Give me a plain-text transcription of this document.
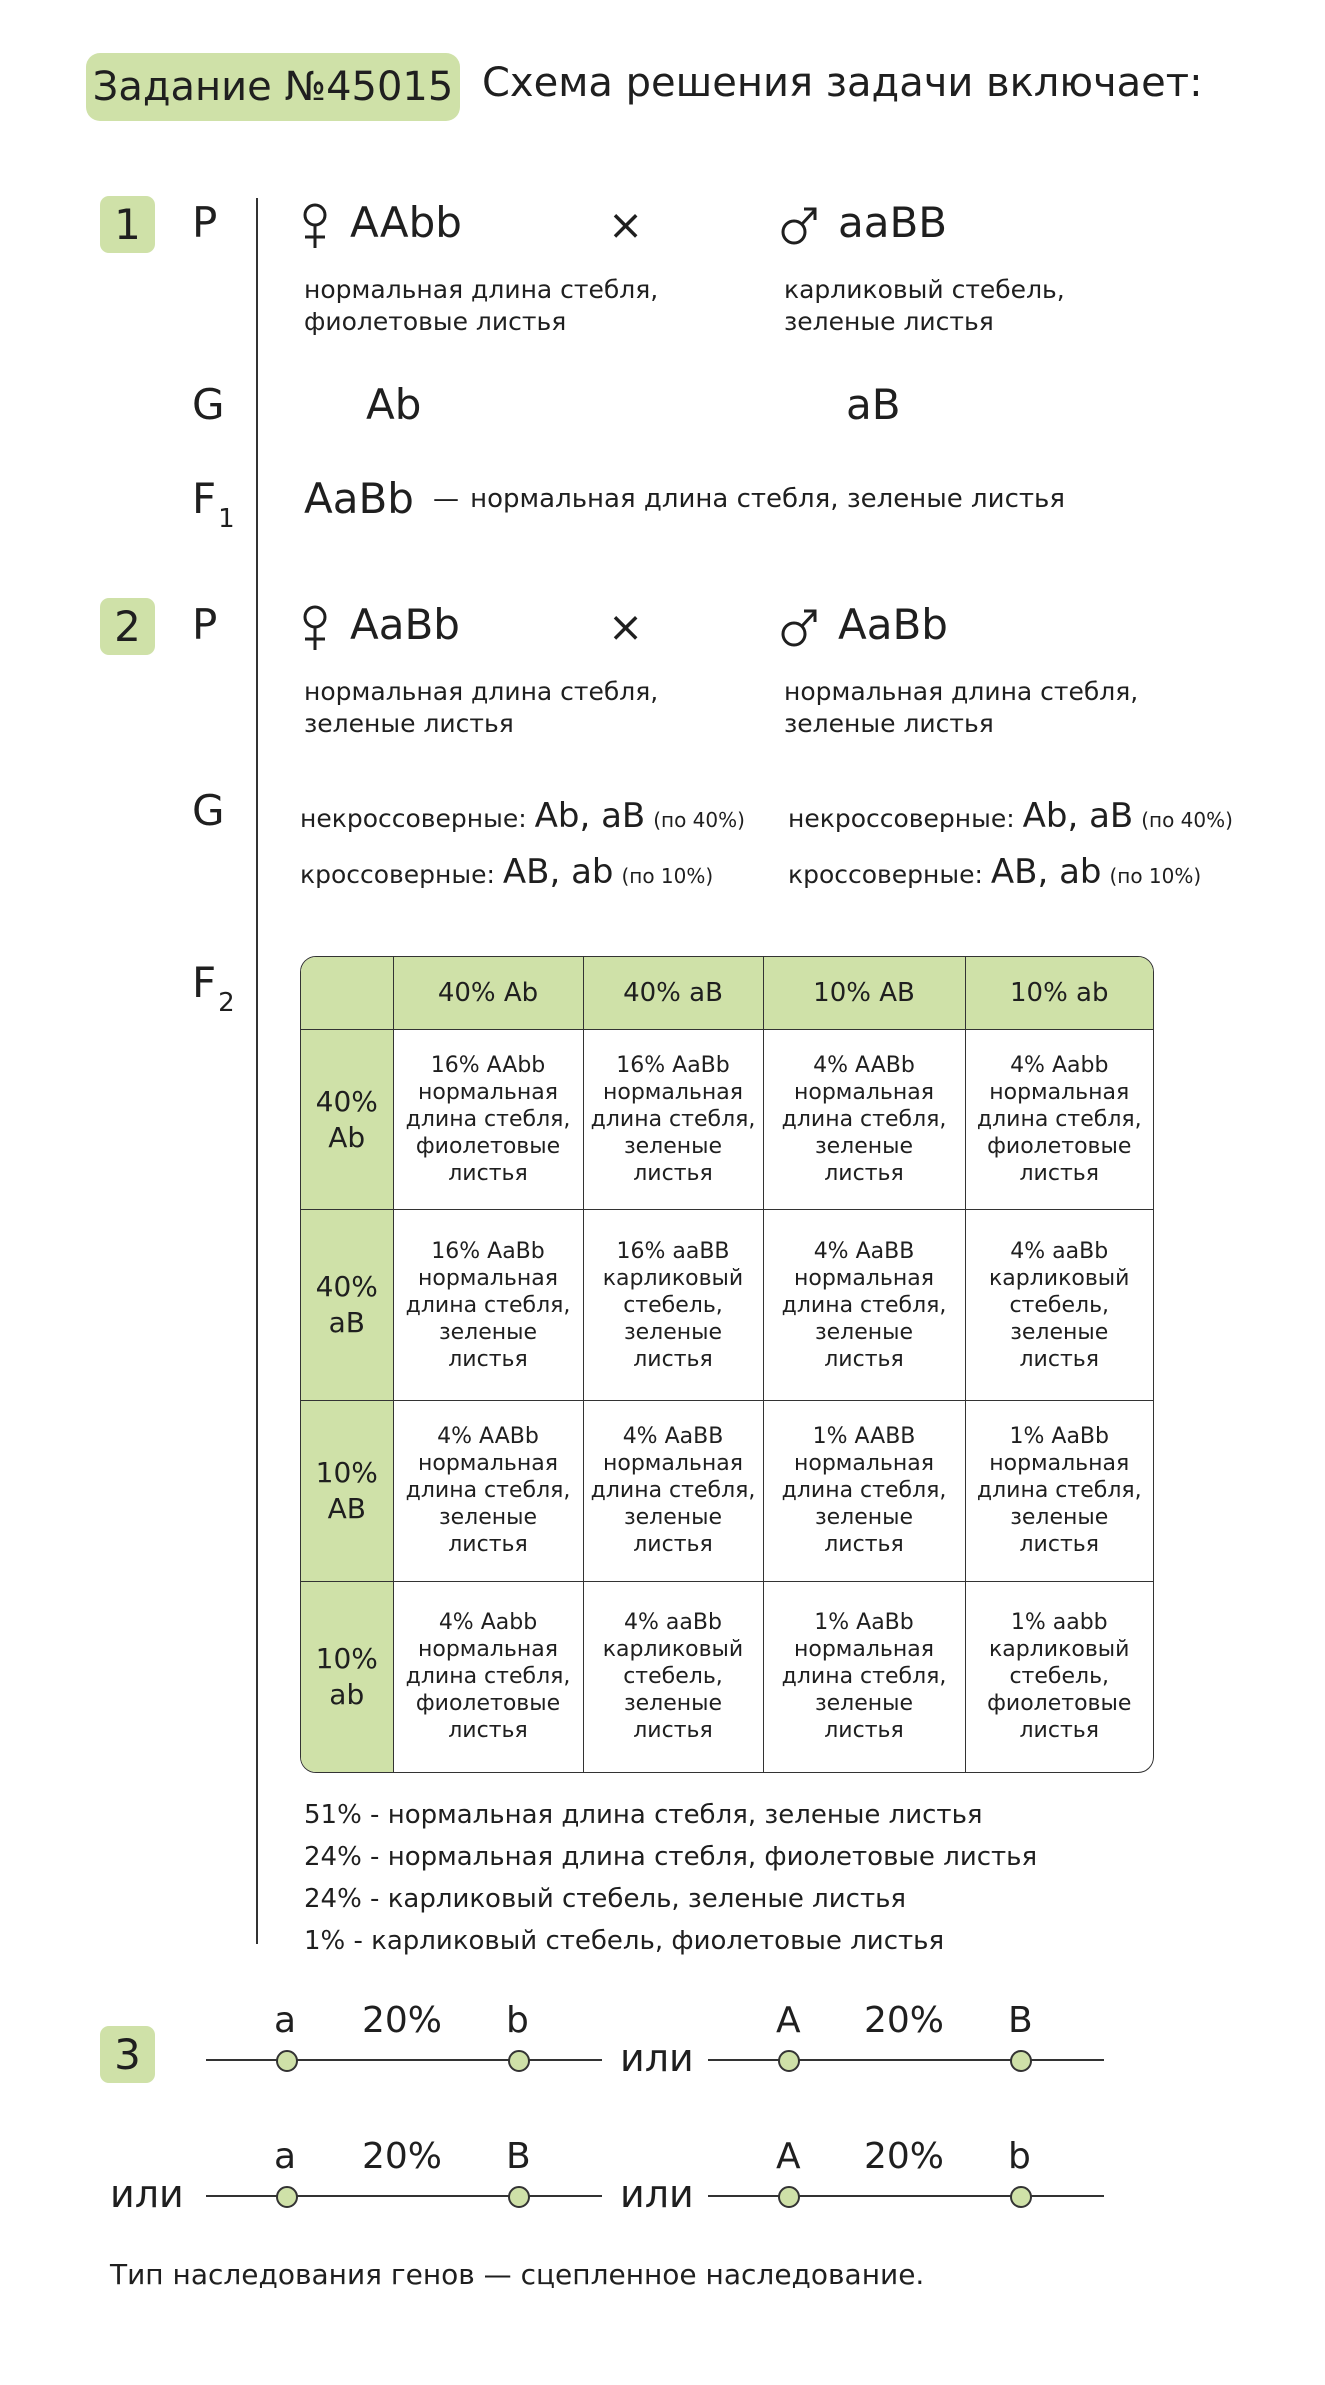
Задание №45015 Схема решения задачи включает:
1	P	AAbb	×	aaBB
нормальная длина стебля,
фиолетовые листья
карликовый стебель,
зеленые листья
G	Ab	aB
$F_1$ AaBb — нормальная длина стебля, зеленые листья
2	P	AaBb	×	AaBb
нормальная длина стебля,
зеленые листья
нормальная длина стебля,
зеленые листья
G	некроссоверные: Ab, aB (по 40%) некроссоверные: Ab, aB (по 40%)
кроссоверные: AB, ab (по 10%)	кроссоверные: AB, ab (по 10%)
$F_2$
		40% Ab	40% aB	10% AB	10% ab
40%
Ab	16% AAbb
нормальная
длина стебля,
фиолетовые
листья	16% AaBb
нормальная
длина стебля,
зеленые
листья	4% AABb
нормальная
длина стебля,
зеленые
листья	4% Aabb
нормальная
длина стебля,
фиолетовые
листья
40%
aB	16% AaBb
нормальная
длина стебля,
зеленые
листья	16% aaBB
карликовый
стебель,
зеленые
листья	4% AaBB
нормальная
длина стебля,
зеленые
листья	4% aaBb
карликовый
стебель,
зеленые
листья
10%
AB	4% AABb
нормальная
длина стебля,
зеленые
листья	4% AaBB
нормальная
длина стебля,
зеленые
листья	1% AABB
нормальная
длина стебля,
зеленые
листья	1% AaBb
нормальная
длина стебля,
зеленые
листья
10%
ab	4% Aabb
нормальная
длина стебля,
фиолетовые
листья	4% aaBb
карликовый
стебель,
зеленые
листья	1% AaBb
нормальная
длина стебля,
зеленые
листья	1% aabb
карликовый
стебель,
фиолетовые
листья
51% - нормальная длина стебля, зеленые листья
24% - нормальная длина стебля, фиолетовые листья
24% - карликовый стебель, зеленые листья
1% - карликовый стебель, фиолетовые листья
3
a 20% b
или
A 20% B
или
a 20% B
или
A 20% b
Тип наследования генов — сцепленное наследование.
